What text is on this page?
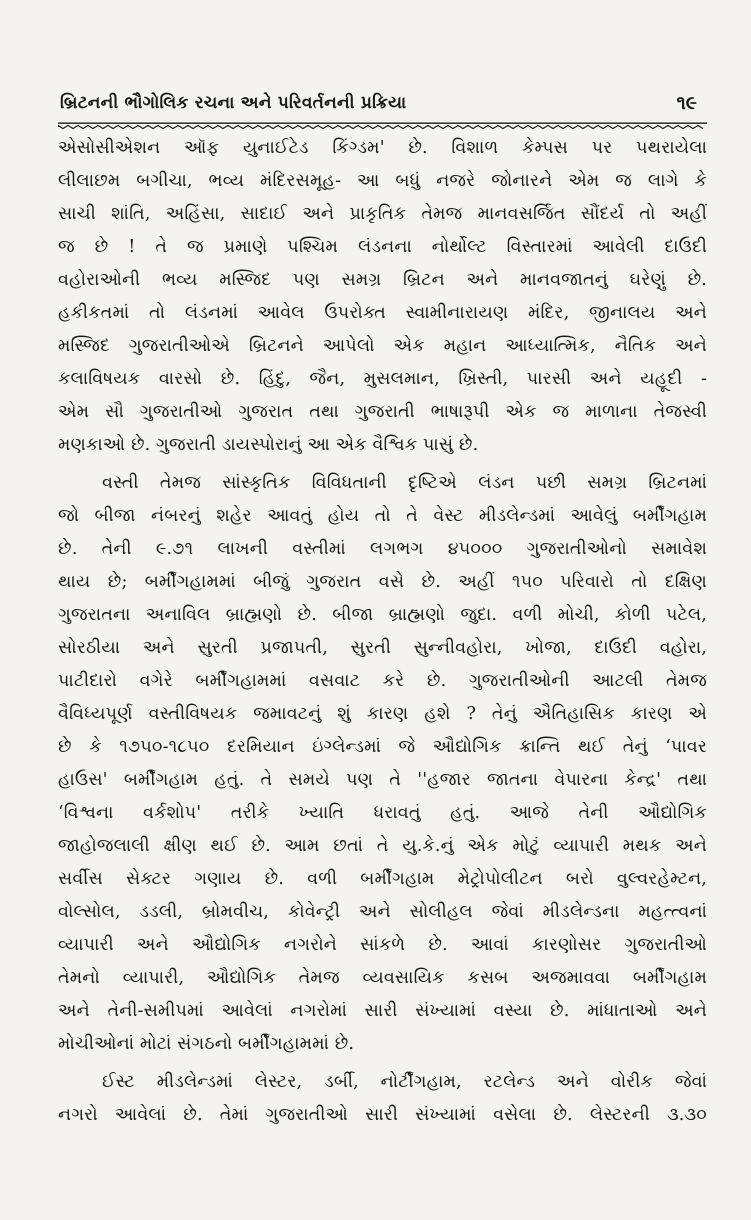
બ્રિટનની ભૌગોલિક રચના અને પરિવર્તનની પ્રક્રિયા	૧૯

એસોસીએશન ઑફ યુનાઈટેડ કિંગ્ડમ' છે. વિશાળ કેમ્પસ પર પથરાયેલા
લીલાછમ બગીચા, ભવ્ય મંદિરસમૂહ- આ બધું નજરે જોનારને એમ જ લાગે કે
સાચી શાંતિ, અહિંસા, સાદાઈ અને પ્રાકૃતિક તેમજ માનવસર્જિત સૌંદર્ય તો અહીં
જ છે ! તે જ પ્રમાણે પશ્ચિમ લંડનના નોર્થોલ્ટ વિસ્તારમાં આવેલી દાઉદી
વહોરાઓની ભવ્ય મસ્જિદ પણ સમગ્ર બ્રિટન અને માનવજાતનું ઘરેણું છે.
હકીકતમાં તો લંડનમાં આવેલ ઉપરોક્ત સ્વામીનારાયણ મંદિર, જીનાલય અને
મસ્જિદ ગુજરાતીઓએ બ્રિટનને આપેલો એક મહાન આધ્યાત્મિક, નૈતિક અને
કલાવિષયક વારસો છે. હિંદુ, જૈન, મુસલમાન, ખ્રિસ્તી, પારસી અને યહૂદી -
એમ સૌ ગુજરાતીઓ ગુજરાત તથા ગુજરાતી ભાષારૂપી એક જ માળાના તેજસ્વી
મણકાઓ છે. ગુજરાતી ડાયસ્પોરાનું આ એક વૈશ્વિક પાસું છે.

વસ્તી તેમજ સાંસ્કૃતિક વિવિધતાની દૃષ્ટિએ લંડન પછી સમગ્ર બ્રિટનમાં
જો બીજા નંબરનું શહેર આવતું હોય તો તે વેસ્ટ મીડલેન્ડમાં આવેલું બર્મીંગહામ
છે. તેની ૯.૭૧ લાખની વસ્તીમાં લગભગ ૪૫૦૦૦ ગુજરાતીઓનો સમાવેશ
થાય છે; બર્મીંગહામમાં બીજું ગુજરાત વસે છે. અહીં ૧૫૦ પરિવારો તો દક્ષિણ
ગુજરાતના અનાવિલ બ્રાહ્મણો છે. બીજા બ્રાહ્મણો જુદા. વળી મોચી, કોળી પટેલ,
સોરઠીયા અને સુરતી પ્રજાપતી, સુરતી સુન્નીવહોરા, ખોજા, દાઉદી વહોરા,
પાટીદારો વગેરે બર્મીંગહામમાં વસવાટ કરે છે. ગુજરાતીઓની આટલી તેમજ
વૈવિધ્યપૂર્ણ વસ્તીવિષયક જમાવટનું શું કારણ હશે ? તેનું ઐતિહાસિક કારણ એ
છે કે ૧૭૫૦-૧૮૫૦ દરમિયાન ઇંગ્લેન્ડમાં જે ઔદ્યોગિક ક્રાન્તિ થઈ તેનું ‘પાવર
હાઉસ' બર્મીંગહામ હતું. તે સમયે પણ તે ''હજાર જાતના વેપારના કેન્દ્ર' તથા
‘વિશ્વના વર્કશોપ' તરીકે ખ્યાતિ ધરાવતું હતું. આજે તેની ઔદ્યોગિક
જાહોજલાલી ક્ષીણ થઈ છે. આમ છતાં તે યુ.કે.નું એક મોટું વ્યાપારી મથક અને
સર્વીસ સેક્ટર ગણાય છે. વળી બર્મીંગહામ મેટ્રોપોલીટન બરો વુલ્વરહેમ્ટન,
વોલ્સોલ, ડડલી, બ્રોમવીચ, કોવેન્ટ્રી અને સોલીહલ જેવાં મીડલેન્ડના મહત્ત્વનાં
વ્યાપારી અને ઔદ્યોગિક નગરોને સાંકળે છે. આવાં કારણોસર ગુજરાતીઓ
તેમનો વ્યાપારી, ઔદ્યોગિક તેમજ વ્યવસાયિક કસબ અજમાવવા બર્મીંગહામ
અને તેની-સમીપમાં આવેલાં નગરોમાં સારી સંખ્યામાં વસ્યા છે. માંધાતાઓ અને
મોચીઓનાં મોટાં સંગઠનો બર્મીંગહામમાં છે.

ઈસ્ટ મીડલેન્ડમાં લેસ્ટર, ડર્બી, નોર્ટીંગહામ, રટલેન્ડ અને વોરીક જેવાં
નગરો આવેલાં છે. તેમાં ગુજરાતીઓ સારી સંખ્યામાં વસેલા છે. લેસ્ટરની ૩.૩૦
